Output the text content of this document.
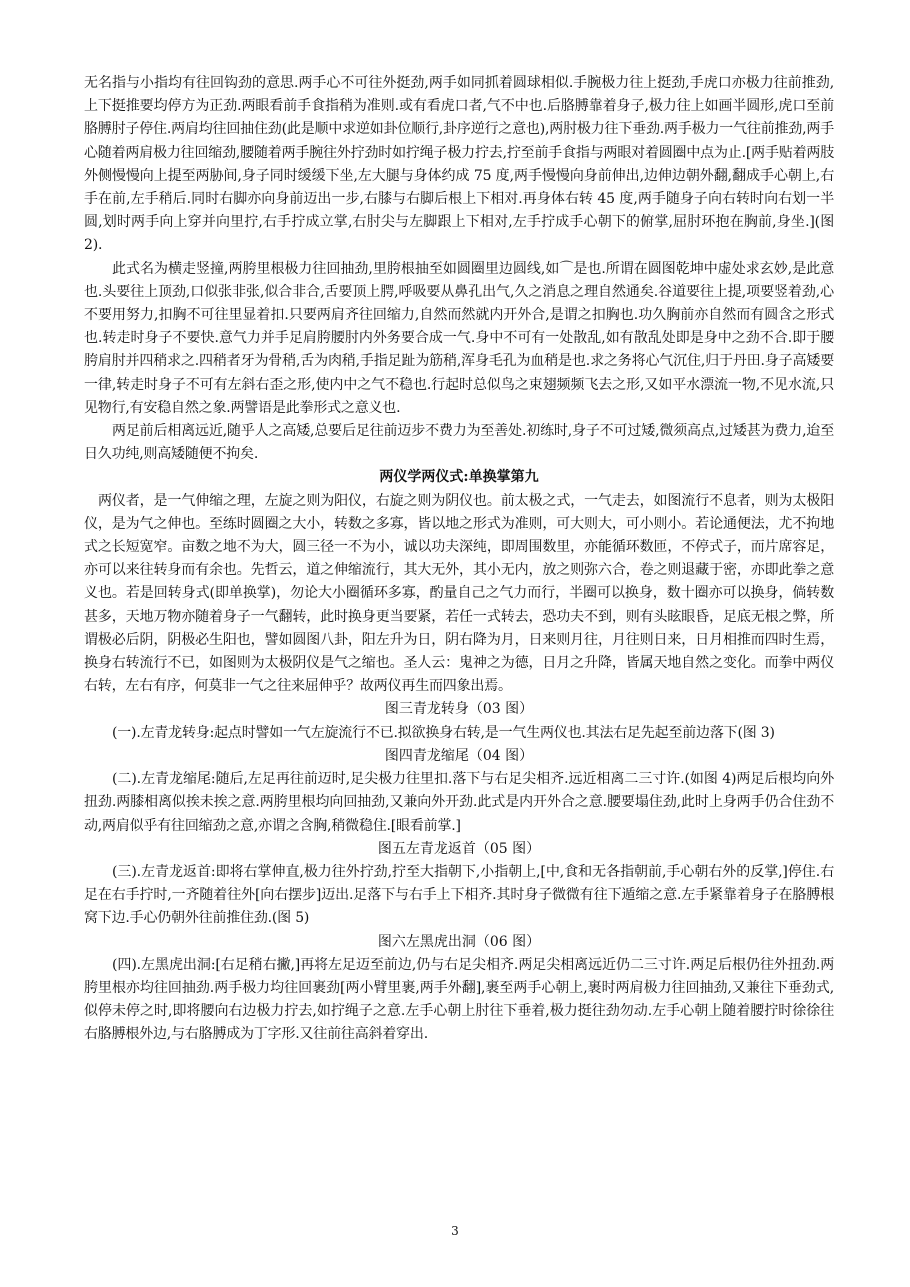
无名指与小指均有往回钩劲的意思.两手心不可往外挺劲,两手如同抓着圆球相似.手腕极力往上挺劲,手虎口亦极力往前推劲,上下挺推要均停方为正劲.两眼看前手食指稍为准则.或有看虎口者,气不中也.后胳膊靠着身子,极力往上如画半圆形,虎口至前胳膊肘子停住.两肩均往回抽住劲(此是顺中求逆如卦位顺行,卦序逆行之意也),两肘极力往下垂劲.两手极力一气往前推劲,两手心随着两肩极力往回缩劲,腰随着两手腕往外拧劲时如拧绳子极力拧去,拧至前手食指与两眼对着圆圈中点为止.[两手贴着两肢外侧慢慢向上提至两胁间,身子同时缓缓下坐,左大腿与身体约成 75 度,两手慢慢向身前伸出,边伸边朝外翻,翻成手心朝上,右手在前,左手稍后.同时右脚亦向身前迈出一步,右膝与右脚后根上下相对.再身体右转 45 度,两手随身子向右转时向右划一半圆,划时两手向上穿并向里拧,右手拧成立掌,右肘尖与左脚跟上下相对,左手拧成手心朝下的俯掌,屈肘环抱在胸前,身坐.](图 2).

此式名为横走竖撞,两胯里根极力往回抽劲,里胯根抽至如圆圈里边圆线,如⌒是也.所谓在圆图乾坤中虚处求玄妙,是此意也.头要往上顶劲,口似张非张,似合非合,舌要顶上腭,呼吸要从鼻孔出气,久之消息之理自然通矣.谷道要往上提,项要竖着劲,心不要用努力,扣胸不可往里显着扣.只要两肩齐往回缩力,自然而然就内开外合,是谓之扣胸也.功久胸前亦自然而有圆含之形式也.转走时身子不要快.意气力并手足肩胯腰肘内外务要合成一气.身中不可有一处散乱,如有散乱处即是身中之劲不合.即于腰胯肩肘并四稍求之.四稍者牙为骨稍,舌为肉稍,手指足趾为筋稍,浑身毛孔为血稍是也.求之务将心气沉住,归于丹田.身子高矮要一律,转走时身子不可有左斜右歪之形,使内中之气不稳也.行起时总似鸟之束翅频频飞去之形,又如平水漂流一物,不见水流,只见物行,有安稳自然之象.两譬语是此拳形式之意义也.

两足前后相离远近,随乎人之高矮,总要后足往前迈步不费力为至善处.初练时,身子不可过矮,微须高点,过矮甚为费力,迨至日久功纯,则高矮随便不拘矣.

两仪学两仪式:单换掌第九

两仪者，是一气伸缩之理，左旋之则为阳仪，右旋之则为阴仪也。前太极之式，一气走去，如图流行不息者，则为太极阳仪，是为气之伸也。至练时圆圈之大小，转数之多寡，皆以地之形式为准则，可大则大，可小则小。若论通便法，尤不拘地式之长短宽窄。亩数之地不为大，圆三径一不为小，诚以功夫深纯，即周围数里，亦能循环数匝，不停式子，而片席容足，亦可以来往转身而有余也。先哲云，道之伸缩流行，其大无外，其小无内，放之则弥六合，卷之则退藏于密，亦即此拳之意义也。若是回转身式(即单换掌)，勿论大小圈循环多寡，酌量自己之气力而行，半圈可以换身，数十圈亦可以换身，倘转数甚多，天地万物亦随着身子一气翻转，此时换身更当要紧，若任一式转去，恐功夫不到，则有头眩眼昏，足底无根之弊，所谓极必后阴，阴极必生阳也，譬如圆图八卦，阳左升为日，阴右降为月，日来则月往，月往则日来，日月相推而四时生焉，换身右转流行不已，如图则为太极阴仪是气之缩也。圣人云：鬼神之为德，日月之升降，皆属天地自然之变化。而拳中两仪右转，左右有序，何莫非一气之往来屈伸乎？故两仪再生而四象出焉。

图三青龙转身（03 图）

(一).左青龙转身:起点时譬如一气左旋流行不已.拟欲换身右转,是一气生两仪也.其法右足先起至前边落下(图 3)

图四青龙缩尾（04 图）

(二).左青龙缩尾:随后,左足再往前迈时,足尖极力往里扣.落下与右足尖相齐.远近相离二三寸许.(如图 4)两足后根均向外扭劲.两膝相离似挨未挨之意.两胯里根均向回抽劲,又兼向外开劲.此式是内开外合之意.腰要塌住劲,此时上身两手仍合住劲不动,两肩似乎有往回缩劲之意,亦谓之含胸,稍微稳住.[眼看前掌.]

图五左青龙返首（05 图）

(三).左青龙返首:即将右掌伸直,极力往外拧劲,拧至大指朝下,小指朝上,[中,食和无各指朝前,手心朝右外的反掌,]停住.右足在右手拧时,一齐随着往外[向右摆步]迈出.足落下与右手上下相齐.其时身子微微有往下遁缩之意.左手紧靠着身子在胳膊根窝下边.手心仍朝外往前推住劲.(图 5)

图六左黑虎出洞（06 图）

(四).左黑虎出洞:[右足稍右撇,]再将左足迈至前边,仍与右足尖相齐.两足尖相离远近仍二三寸许.两足后根仍往外扭劲.两胯里根亦均往回抽劲.两手极力均往回裹劲[两小臂里裹,两手外翻],裹至两手心朝上,裹时两肩极力往回抽劲,又兼往下垂劲式,似停未停之时,即将腰向右边极力拧去,如拧绳子之意.左手心朝上肘往下垂着,极力挺往劲勿动.左手心朝上随着腰拧时徐徐往右胳膊根外边,与右胳膊成为丁字形.又往前往高斜着穿出.

3
